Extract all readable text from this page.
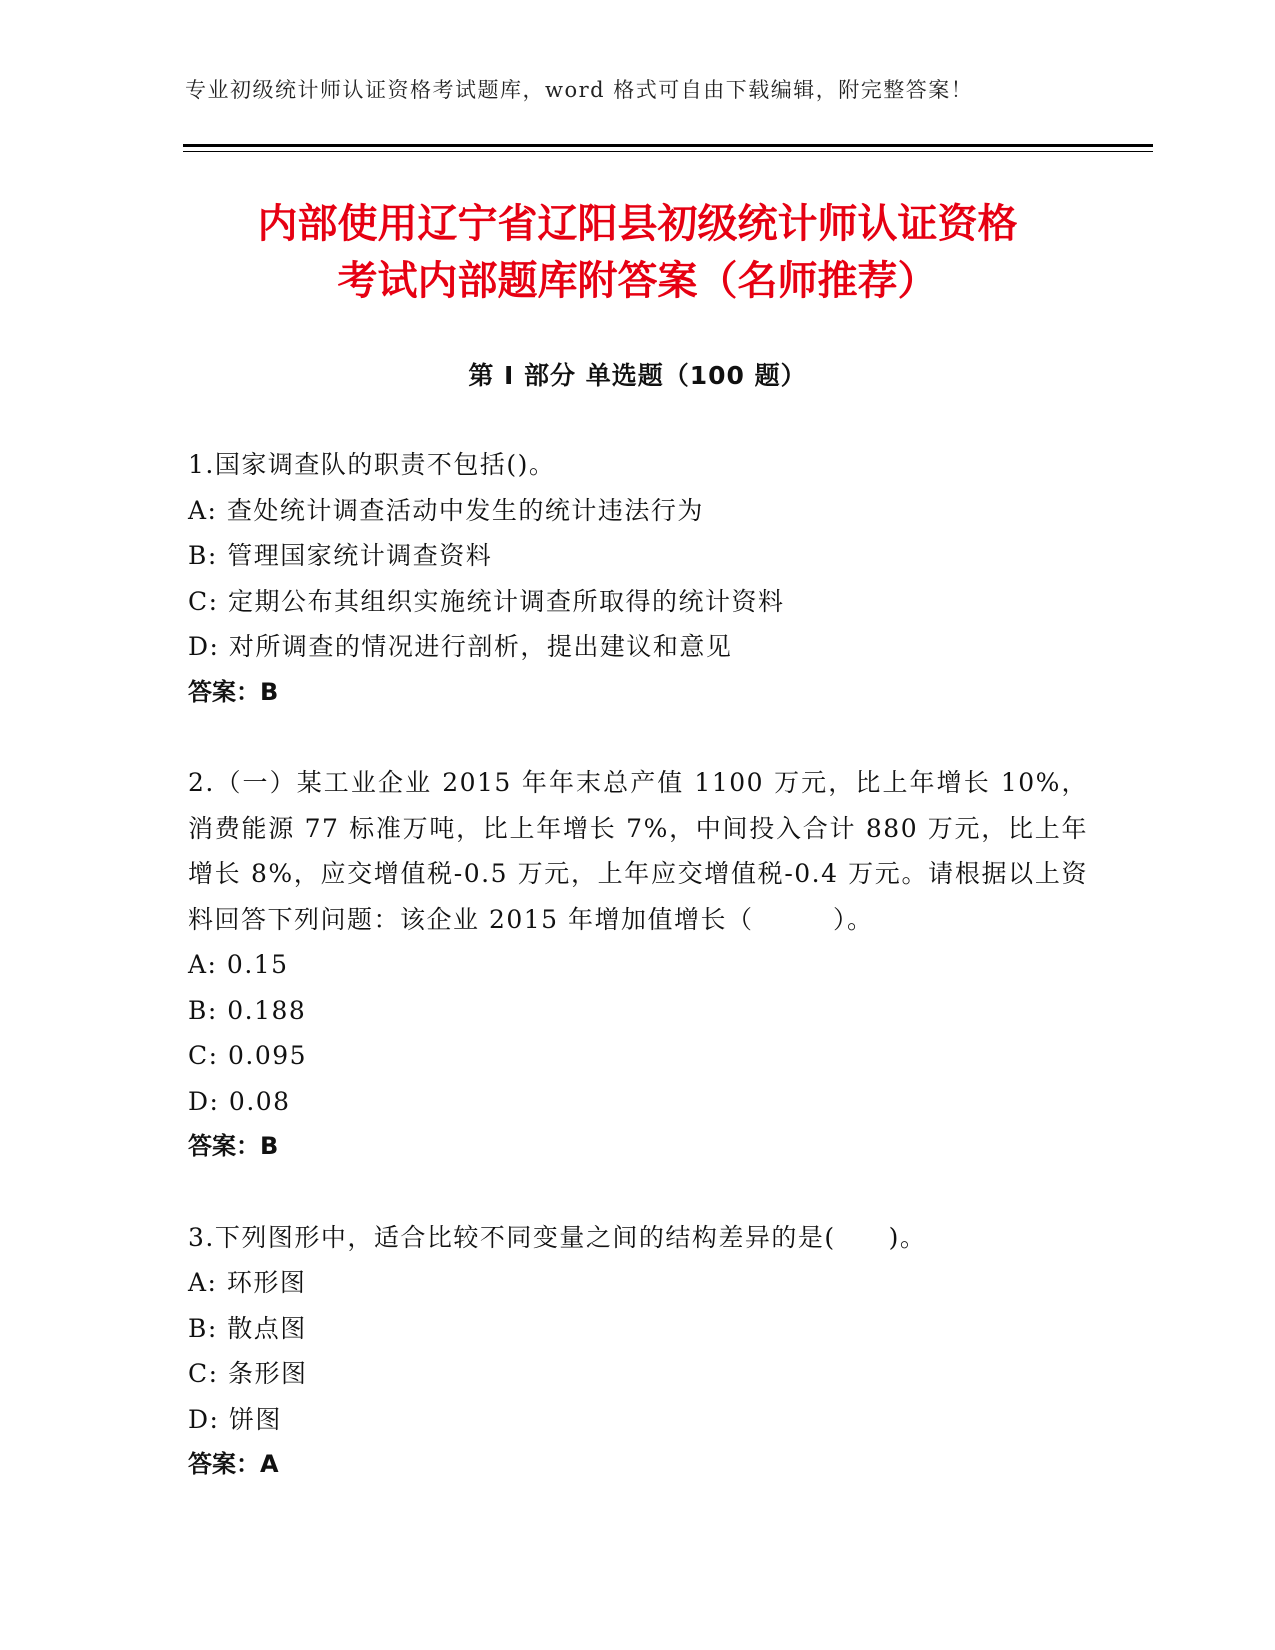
专业初级统计师认证资格考试题库，word 格式可自由下载编辑，附完整答案！
内部使用辽宁省辽阳县初级统计师认证资格
考试内部题库附答案（名师推荐）
第 I 部分 单选题（100 题）
1.国家调查队的职责不包括()。
A: 查处统计调查活动中发生的统计违法行为
B: 管理国家统计调查资料
C: 定期公布其组织实施统计调查所取得的统计资料
D: 对所调查的情况进行剖析，提出建议和意见
答案：B
2.（一）某工业企业 2015 年年末总产值 1100 万元，比上年增长 10%，消费能源 77 标准万吨，比上年增长 7%，中间投入合计 880 万元，比上年增长 8%，应交增值税-0.5 万元，上年应交增值税-0.4 万元。请根据以上资料回答下列问题：该企业 2015 年增加值增长（　　　）。
A: 0.15
B: 0.188
C: 0.095
D: 0.08
答案：B
3.下列图形中，适合比较不同变量之间的结构差异的是(　　)。
A: 环形图
B: 散点图
C: 条形图
D: 饼图
答案：A
